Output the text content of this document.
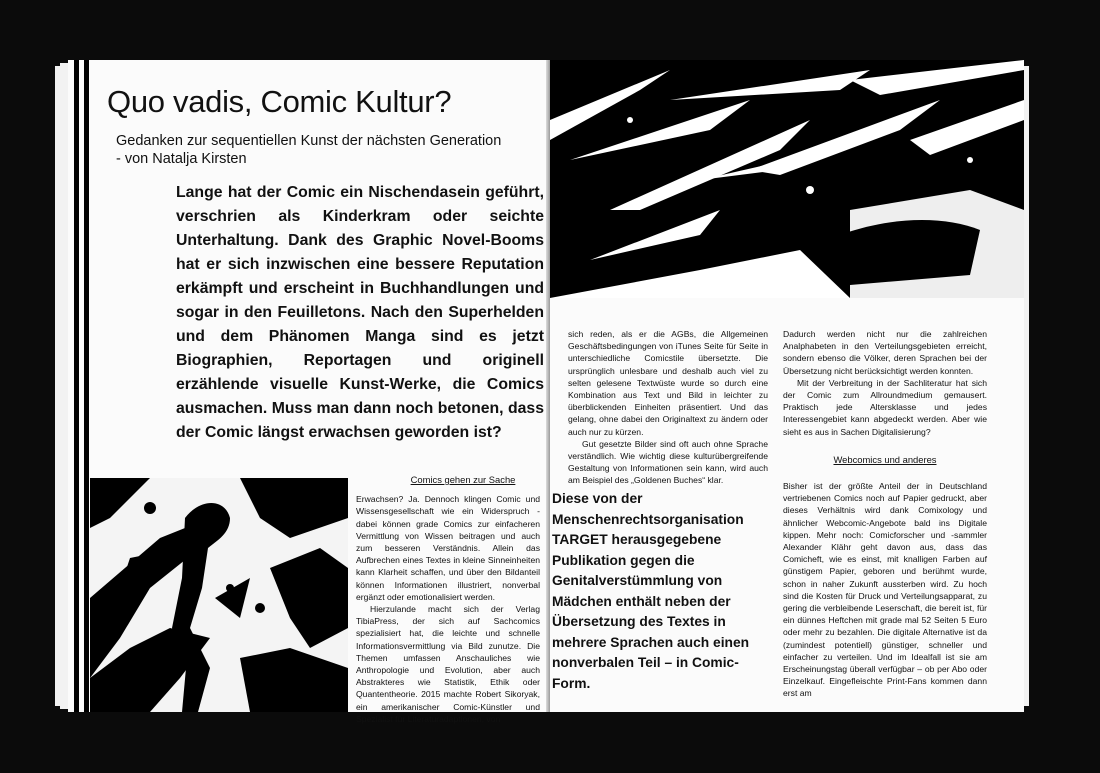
Quo vadis, Comic Kultur?
Gedanken zur sequentiellen Kunst der nächsten Generation
- von Natalja Kirsten
Lange hat der Comic ein Nischendasein geführt, verschrien als Kinderkram oder seichte Unterhaltung. Dank des Graphic Novel-Booms hat er sich inzwischen eine bessere Reputation erkämpft und erscheint in Buchhandlungen und sogar in den Feuilletons. Nach den Superhelden und dem Phänomen Manga sind es jetzt Biographien, Reportagen und originell erzählende visuelle Kunst-Werke, die Comics ausmachen. Muss man dann noch betonen, dass der Comic längst erwachsen geworden ist?
Comics gehen zur Sache

Erwachsen? Ja. Dennoch klingen Comic und Wissensgesellschaft wie ein Widerspruch - dabei können grade Comics zur einfacheren Vermittlung von Wissen beitragen und auch zum besseren Verständnis. Allein das Aufbrechen eines Textes in kleine Sinneinheiten kann Klarheit schaffen, und über den Bildanteil können Informationen illustriert, nonverbal ergänzt oder emotionalisiert werden.

Hierzulande macht sich der Verlag TibiaPress, der sich auf Sachcomics spezialisiert hat, die leichte und schnelle Informationsvermittlung via Bild zunutze. Die Themen umfassen Anschauliches wie Anthropologie und Evolution, aber auch Abstrakteres wie Statistik, Ethik oder Quantentheorie. 2015 machte Robert Sikoryak, ein amerikanischer Comic-Künstler und Spezialist für Literaturadaptionen, von

sich reden, als er die AGBs, die Allgemeinen Geschäftsbedingungen von iTunes Seite für Seite in unterschiedliche Comicstile übersetzte. Die ursprünglich unlesbare und deshalb auch viel zu selten gelesene Textwüste wurde so durch eine Kombination aus Text und Bild in leichter zu überblickenden Einheiten präsentiert. Und das gelang, ohne dabei den Originaltext zu ändern oder auch nur zu kürzen.

Gut gesetzte Bilder sind oft auch ohne Sprache verständlich. Wie wichtig diese kulturübergreifende Gestaltung von Informationen sein kann, wird auch am Beispiel des „Goldenen Buches“ klar.

Diese von der Menschenrechtsorganisation TARGET herausgegebene Publikation gegen die Genitalverstümmlung von Mädchen enthält neben der Übersetzung des Textes in mehrere Sprachen auch einen nonverbalen Teil – in Comic-Form.

Dadurch werden nicht nur die zahlreichen Analphabeten in den Verteilungsgebieten erreicht, sondern ebenso die Völker, deren Sprachen bei der Übersetzung nicht berücksichtigt werden konnten.

Mit der Verbreitung in der Sachliteratur hat sich der Comic zum Allroundmedium gemausert. Praktisch jede Altersklasse und jedes Interessengebiet kann abgedeckt werden. Aber wie sieht es aus in Sachen Digitalisierung?

Webcomics und anderes

Bisher ist der größte Anteil der in Deutschland vertriebenen Comics noch auf Papier gedruckt, aber dieses Verhältnis wird dank Comixology und ähnlicher Webcomic-Angebote bald ins Digitale kippen. Mehr noch: Comicforscher und -sammler Alexander Klähr geht davon aus, dass das Comicheft, wie es einst, mit knalligen Farben auf günstigem Papier, geboren und berühmt wurde, schon in naher Zukunft aussterben wird. Zu hoch sind die Kosten für Druck und Verteilungsapparat, zu gering die verbleibende Leserschaft, die bereit ist, für ein dünnes Heftchen mit grade mal 52 Seiten 5 Euro oder mehr zu bezahlen. Die digitale Alternative ist da (zumindest potentiell) günstiger, schneller und einfacher zu verteilen. Und im Idealfall ist sie am Erscheinungstag überall verfügbar – ob per Abo oder Einzelkauf. Eingefleischte Print-Fans kommen dann erst am
